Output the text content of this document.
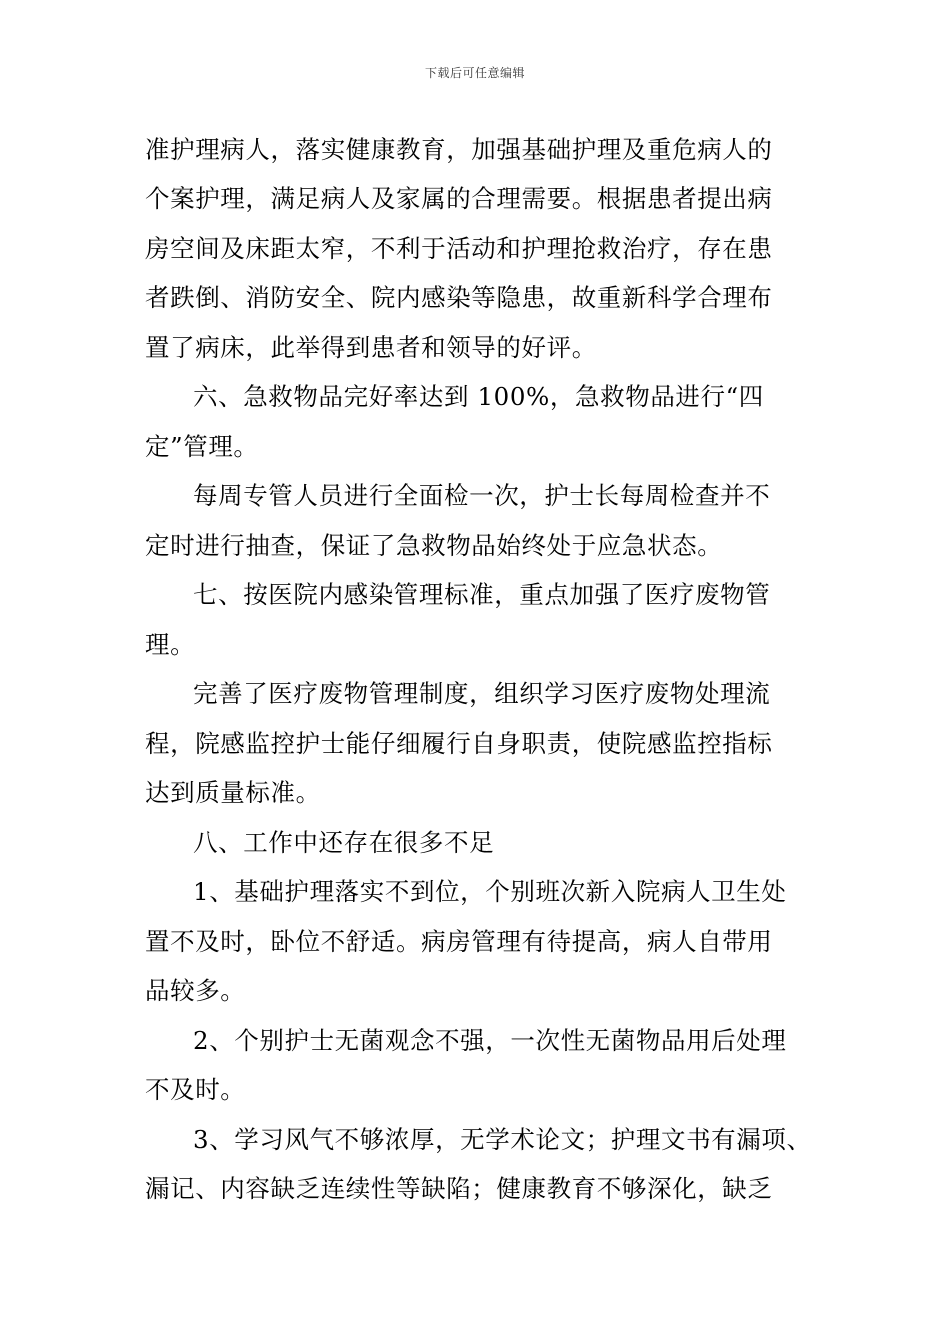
下载后可任意编辑
准护理病人，落实健康教育，加强基础护理及重危病人的
个案护理，满足病人及家属的合理需要。根据患者提出病
房空间及床距太窄，不利于活动和护理抢救治疗，存在患
者跌倒、消防安全、院内感染等隐患，故重新科学合理布
置了病床，此举得到患者和领导的好评。
六、急救物品完好率达到 100%，急救物品进行“四
定”管理。
每周专管人员进行全面检一次，护士长每周检查并不
定时进行抽查，保证了急救物品始终处于应急状态。
七、按医院内感染管理标准，重点加强了医疗废物管
理。
完善了医疗废物管理制度，组织学习医疗废物处理流
程，院感监控护士能仔细履行自身职责，使院感监控指标
达到质量标准。
八、工作中还存在很多不足
1、基础护理落实不到位，个别班次新入院病人卫生处
置不及时，卧位不舒适。病房管理有待提高，病人自带用
品较多。
2、个别护士无菌观念不强，一次性无菌物品用后处理
不及时。
3、学习风气不够浓厚，无学术论文；护理文书有漏项、
漏记、内容缺乏连续性等缺陷；健康教育不够深化，缺乏
